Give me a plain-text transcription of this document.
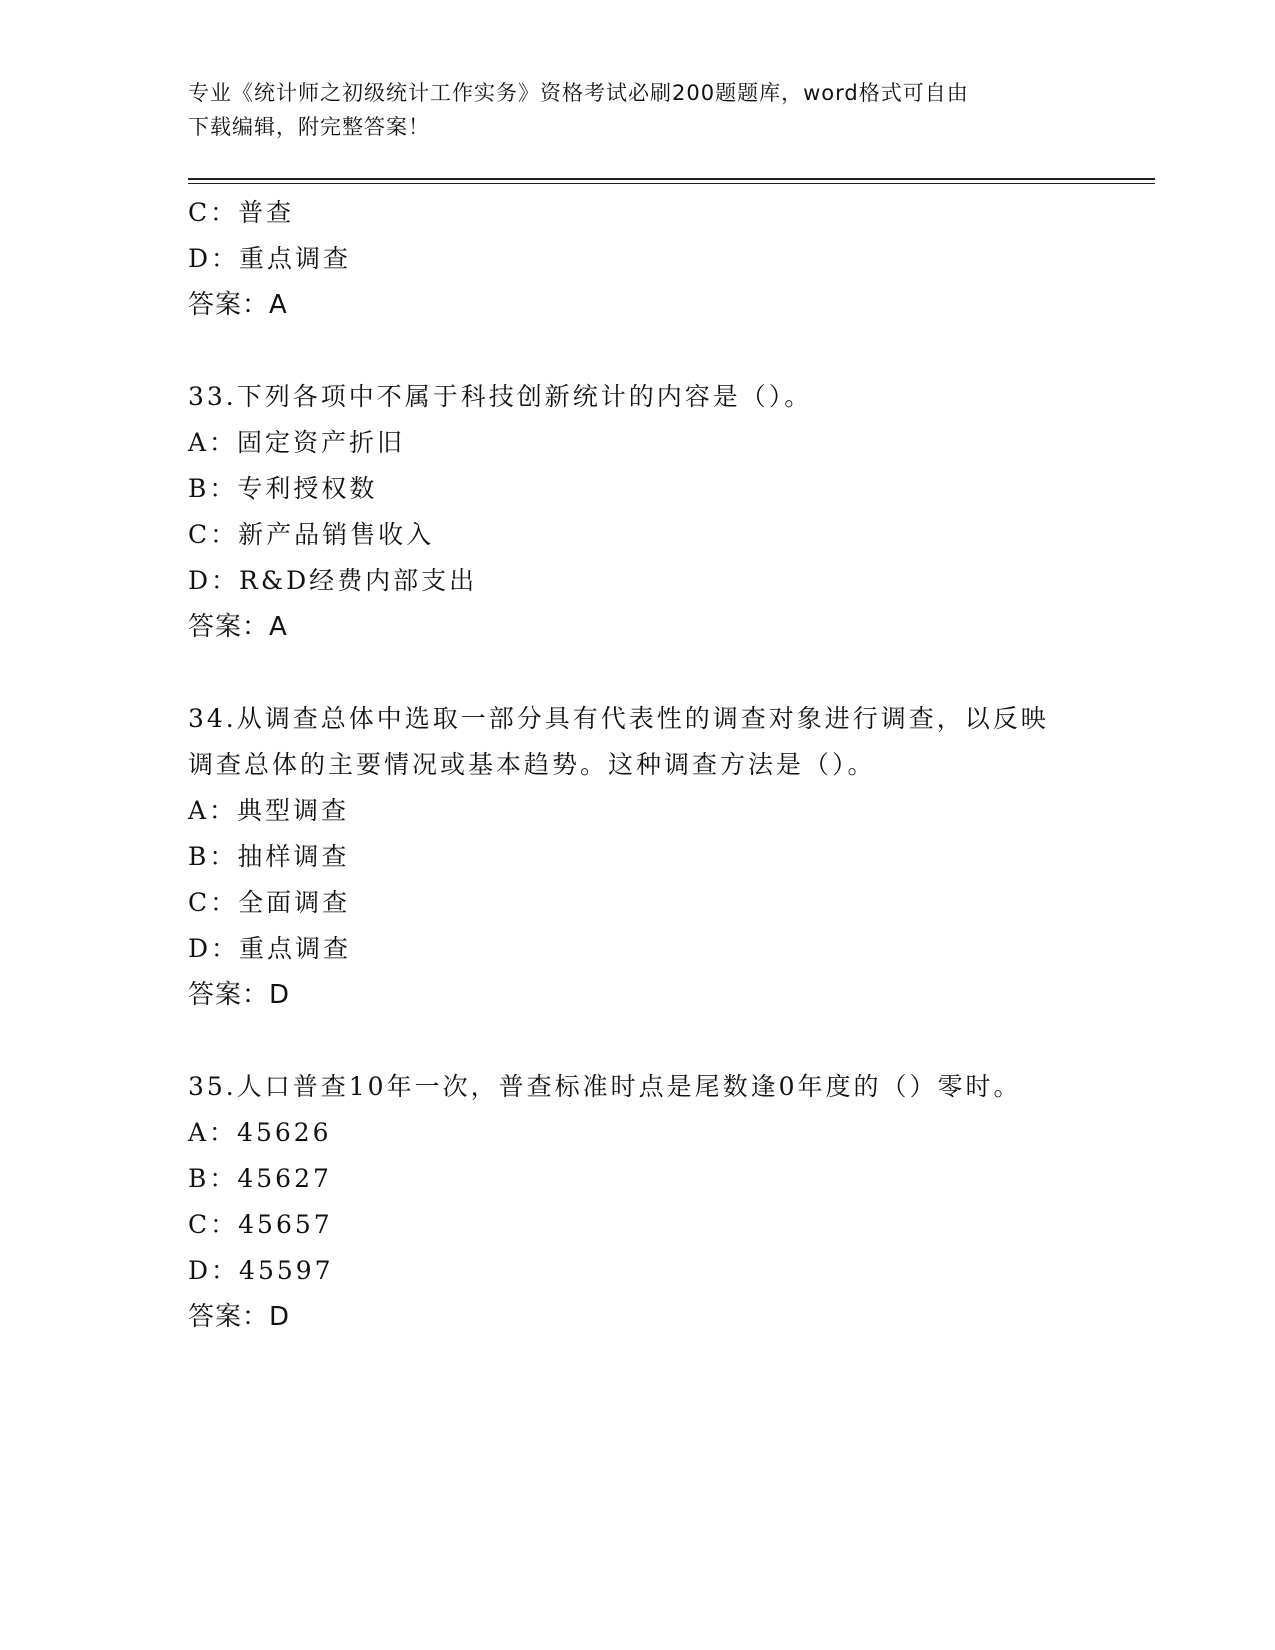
专业《统计师之初级统计工作实务》资格考试必刷200题题库，word格式可自由
下载编辑，附完整答案！
C：普查
D：重点调查
答案：A
33.下列各项中不属于科技创新统计的内容是（）。
A：固定资产折旧
B：专利授权数
C：新产品销售收入
D：R&D经费内部支出
答案：A
34.从调查总体中选取一部分具有代表性的调查对象进行调查，以反映
调查总体的主要情况或基本趋势。这种调查方法是（）。
A：典型调查
B：抽样调查
C：全面调查
D：重点调查
答案：D
35.人口普查10年一次，普查标准时点是尾数逢0年度的（）零时。
A：45626
B：45627
C：45657
D：45597
答案：D
